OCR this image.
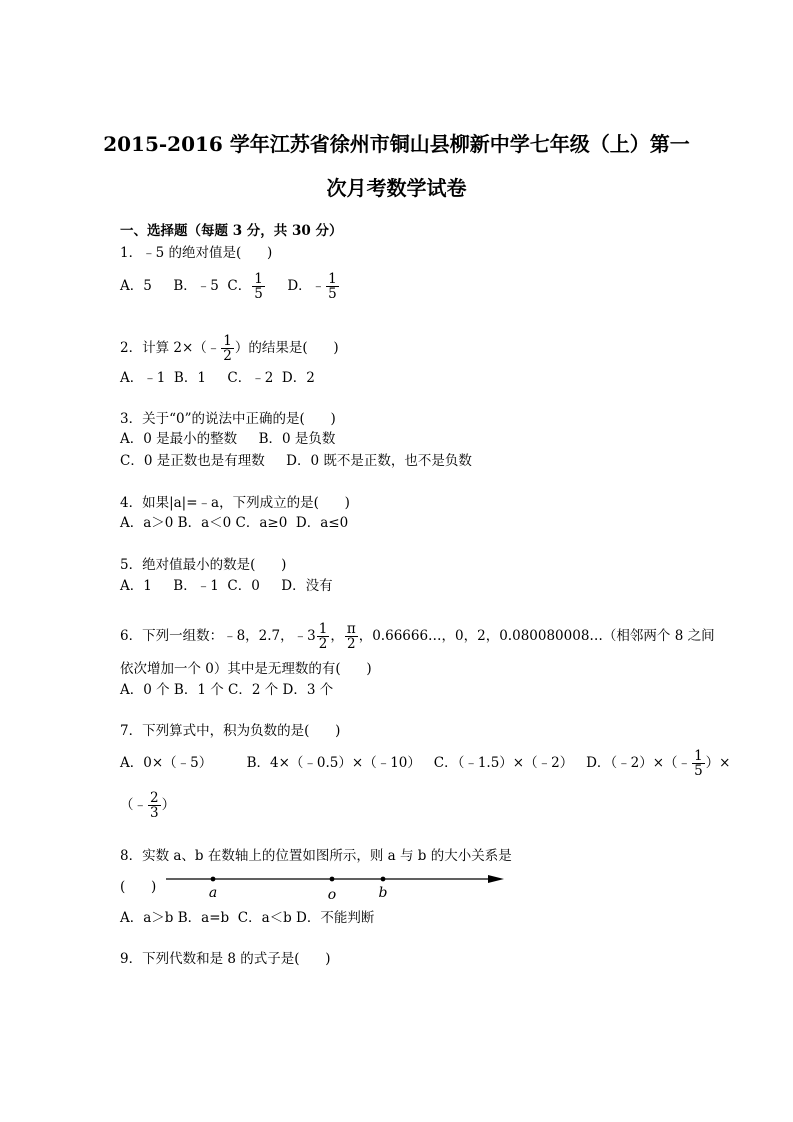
2015-2016 学年江苏省徐州市铜山县柳新中学七年级（上）第一
次月考数学试卷
一、选择题（每题 3 分，共 30 分）
1．﹣5 的绝对值是(      )
A．5 B．﹣5 C． $\frac{1}{5}$ D．﹣ $\frac{1}{5}$
2．计算 2×（﹣ $\frac{1}{2}$ ）的结果是(      )
A．﹣1  B．1     C．﹣2  D．2
3．关于“0”的说法中正确的是(      )
A．0 是最小的整数     B．0 是负数
C．0 是正数也是有理数     D．0 既不是正数，也不是负数
4．如果|a|=﹣a，下列成立的是(      )
A．a＞0 B．a＜0 C．a≥0  D．a≤0
5．绝对值最小的数是(      )
A．1     B．﹣1  C．0     D．没有
6．下列一组数：﹣8，2.7，﹣3 $\frac{1}{2}$ ， $\frac{\pi}{2}$ ，0.66666…，0，2，0.080080008…（相邻两个 8 之间
依次增加一个 0）其中是无理数的有(      )
A．0 个 B．1 个 C．2 个 D．3 个
7．下列算式中，积为负数的是(      )
A．0×（﹣5）	B．4×（﹣0.5）×（﹣10） C．（﹣1.5）×（﹣2） D．（﹣2）×（﹣ $\frac{1}{5}$ ）×
（﹣ $\frac{2}{3}$ ）
8．实数 a、b 在数轴上的位置如图所示，则 a 与 b 的大小关系是
(      )	a	o	b
A．a＞b B．a=b  C．a＜b D．不能判断
9．下列代数和是 8 的式子是(      )
